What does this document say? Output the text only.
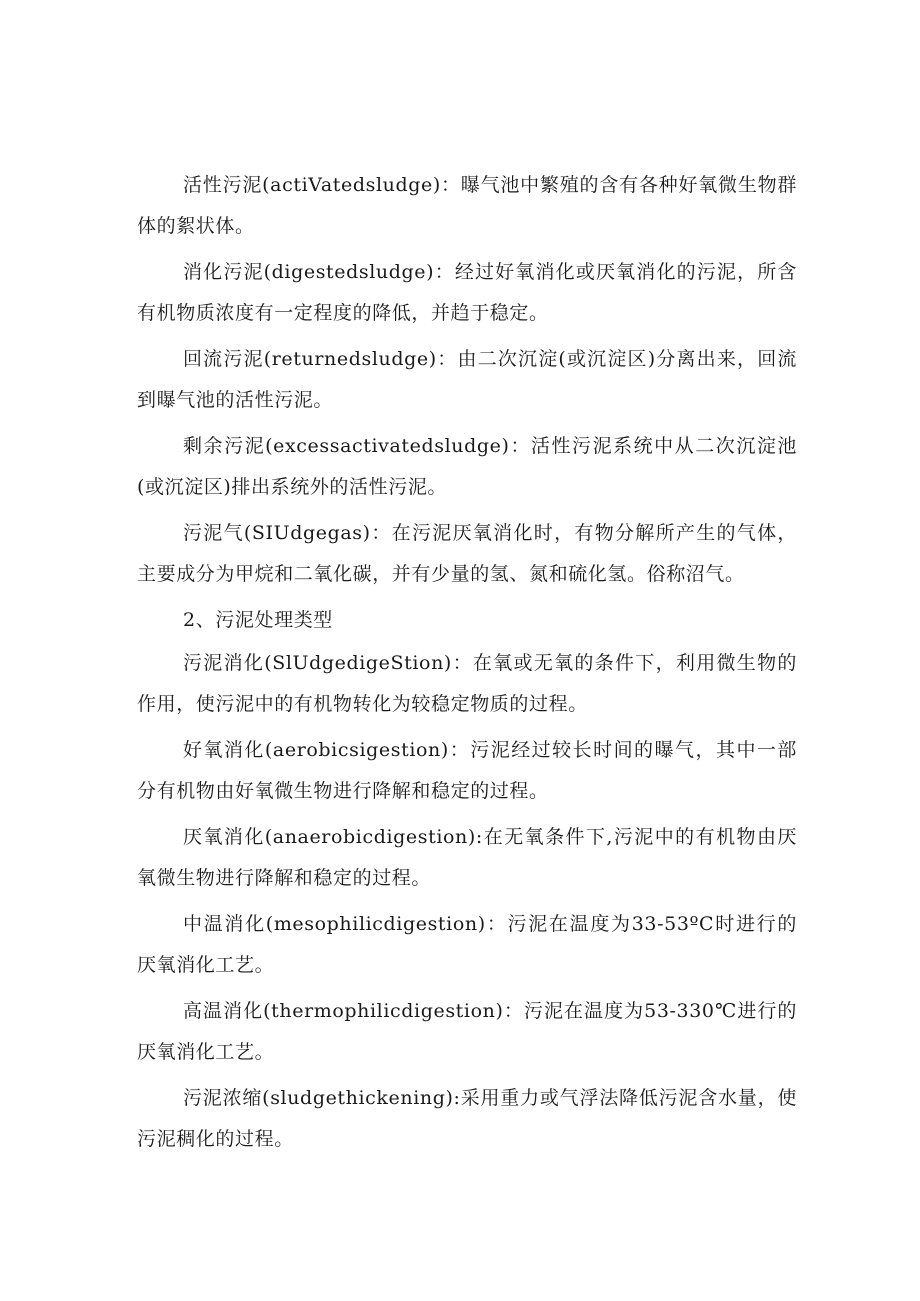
活性污泥(actiVatedsludge)：曝气池中繁殖的含有各种好氧微生物群体的絮状体。

消化污泥(digestedsludge)：经过好氧消化或厌氧消化的污泥，所含有机物质浓度有一定程度的降低，并趋于稳定。

回流污泥(returnedsludge)：由二次沉淀(或沉淀区)分离出来，回流到曝气池的活性污泥。

剩余污泥(excessactivatedsludge)：活性污泥系统中从二次沉淀池(或沉淀区)排出系统外的活性污泥。

污泥气(SIUdgegas)：在污泥厌氧消化时，有物分解所产生的气体，主要成分为甲烷和二氧化碳，并有少量的氢、氮和硫化氢。俗称沼气。

2、污泥处理类型

污泥消化(SlUdgedigeStion)：在氧或无氧的条件下，利用微生物的作用，使污泥中的有机物转化为较稳定物质的过程。

好氧消化(aerobicsigestion)：污泥经过较长时间的曝气，其中一部分有机物由好氧微生物进行降解和稳定的过程。

厌氧消化(anaerobicdigestion):在无氧条件下,污泥中的有机物由厌氧微生物进行降解和稳定的过程。

中温消化(mesophilicdigestion)：污泥在温度为33-53ºC时进行的厌氧消化工艺。

高温消化(thermophilicdigestion)：污泥在温度为53-330℃进行的厌氧消化工艺。

污泥浓缩(sludgethickening):采用重力或气浮法降低污泥含水量，使污泥稠化的过程。
